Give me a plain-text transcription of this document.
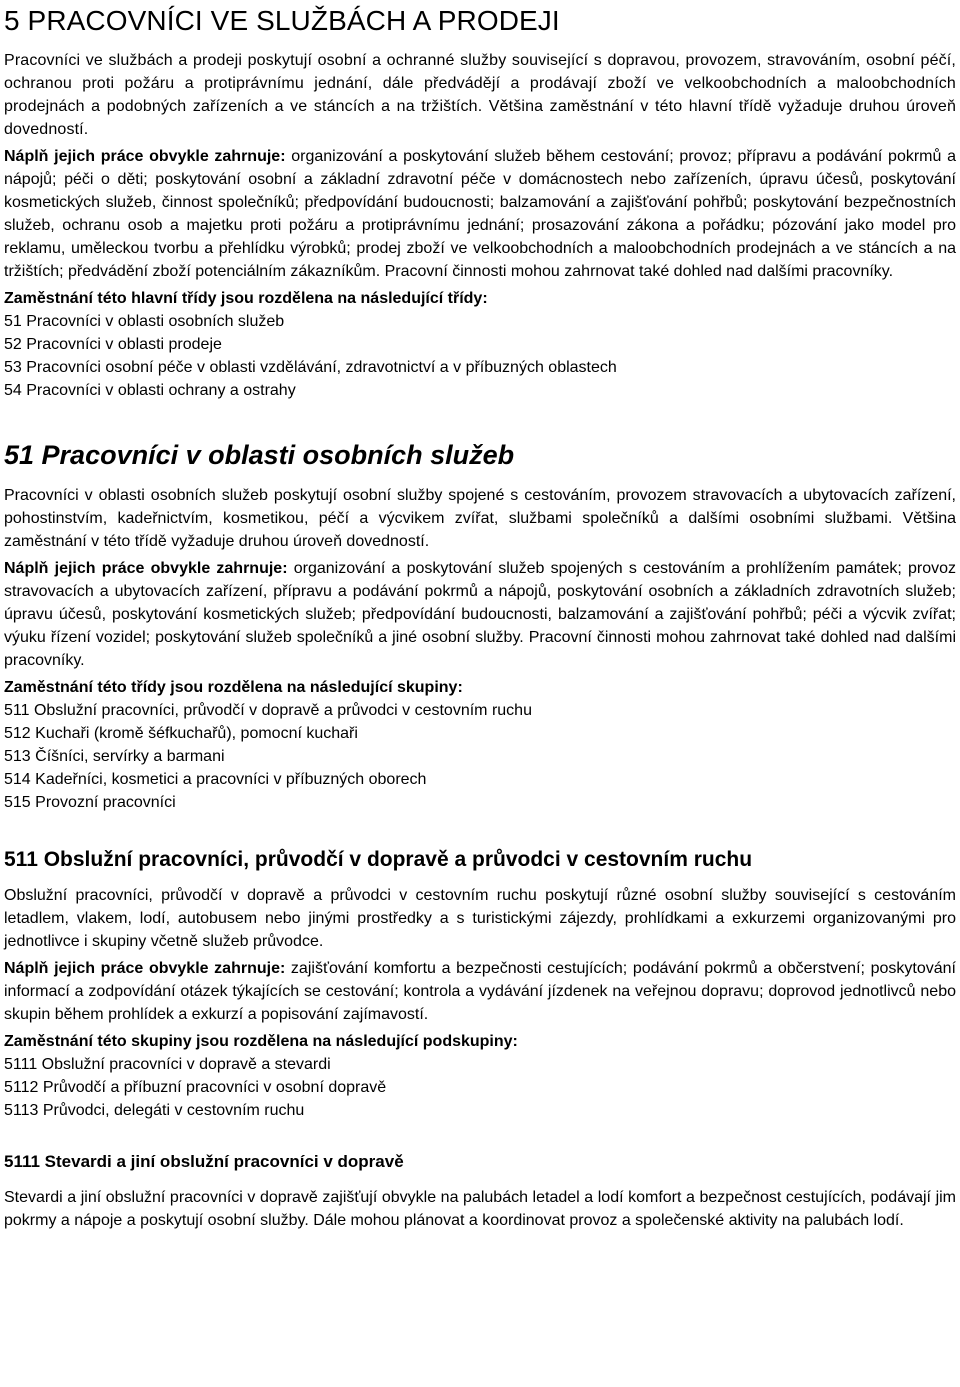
5 PRACOVNÍCI VE SLUŽBÁCH A PRODEJI

Pracovníci ve službách a prodeji poskytují osobní a ochranné služby související s dopravou, provozem, stravováním, osobní péčí, ochranou proti požáru a protiprávnímu jednání, dále předvádějí a prodávají zboží ve velkoobchodních a maloobchodních prodejnách a podobných zařízeních a ve stáncích a na tržištích. Většina zaměstnání v této hlavní třídě vyžaduje druhou úroveň dovedností.

Náplň jejich práce obvykle zahrnuje: organizování a poskytování služeb během cestování; provoz; přípravu a podávání pokrmů a nápojů; péči o děti; poskytování osobní a základní zdravotní péče v domácnostech nebo zařízeních, úpravu účesů, poskytování kosmetických služeb, činnost společníků; předpovídání budoucnosti; balzamování a zajišťování pohřbů; poskytování bezpečnostních služeb, ochranu osob a majetku proti požáru a protiprávnímu jednání; prosazování zákona a pořádku; pózování jako model pro reklamu, uměleckou tvorbu a přehlídku výrobků; prodej zboží ve velkoobchodních a maloobchodních prodejnách a ve stáncích a na tržištích; předvádění zboží potenciálním zákazníkům. Pracovní činnosti mohou zahrnovat také dohled nad dalšími pracovníky.

Zaměstnání této hlavní třídy jsou rozdělena na následující třídy:

51 Pracovníci v oblasti osobních služeb
52 Pracovníci v oblasti prodeje
53 Pracovníci osobní péče v oblasti vzdělávání, zdravotnictví a v příbuzných oblastech
54 Pracovníci v oblasti ochrany a ostrahy
51 Pracovníci v oblasti osobních služeb

Pracovníci v oblasti osobních služeb poskytují osobní služby spojené s cestováním, provozem stravovacích a ubytovacích zařízení, pohostinstvím, kadeřnictvím, kosmetikou, péčí a výcvikem zvířat, službami společníků a dalšími osobními službami. Většina zaměstnání v této třídě vyžaduje druhou úroveň dovedností.

Náplň jejich práce obvykle zahrnuje: organizování a poskytování služeb spojených s cestováním a prohlížením památek; provoz stravovacích a ubytovacích zařízení, přípravu a podávání pokrmů a nápojů, poskytování osobních a základních zdravotních služeb; úpravu účesů, poskytování kosmetických služeb; předpovídání budoucnosti, balzamování a zajišťování pohřbů; péči a výcvik zvířat; výuku řízení vozidel; poskytování služeb společníků a jiné osobní služby. Pracovní činnosti mohou zahrnovat také dohled nad dalšími pracovníky.

Zaměstnání této třídy jsou rozdělena na následující skupiny:

511 Obslužní pracovníci, průvodčí v dopravě a průvodci v cestovním ruchu
512 Kuchaři (kromě šéfkuchařů), pomocní kuchaři
513 Číšníci, servírky a barmani
514 Kadeřníci, kosmetici a pracovníci v příbuzných oborech
515 Provozní pracovníci
511 Obslužní pracovníci, průvodčí v dopravě a průvodci v cestovním ruchu

Obslužní pracovníci, průvodčí v dopravě a průvodci v cestovním ruchu poskytují různé osobní služby související s cestováním letadlem, vlakem, lodí, autobusem nebo jinými prostředky a s turistickými zájezdy, prohlídkami a exkurzemi organizovanými pro jednotlivce i skupiny včetně služeb průvodce.

Náplň jejich práce obvykle zahrnuje: zajišťování komfortu a bezpečnosti cestujících; podávání pokrmů a občerstvení; poskytování informací a zodpovídání otázek týkajících se cestování; kontrola a vydávání jízdenek na veřejnou dopravu; doprovod jednotlivců nebo skupin během prohlídek a exkurzí a popisování zajímavostí.

Zaměstnání této skupiny jsou rozdělena na následující podskupiny:

5111 Obslužní pracovníci v dopravě a stevardi
5112 Průvodčí a příbuzní pracovníci v osobní dopravě
5113 Průvodci, delegáti v cestovním ruchu
5111 Stevardi a jiní obslužní pracovníci v dopravě

Stevardi a jiní obslužní pracovníci v dopravě zajišťují obvykle na palubách letadel a lodí komfort a bezpečnost cestujících, podávají jim pokrmy a nápoje a poskytují osobní služby. Dále mohou plánovat a koordinovat provoz a společenské aktivity na palubách lodí.
